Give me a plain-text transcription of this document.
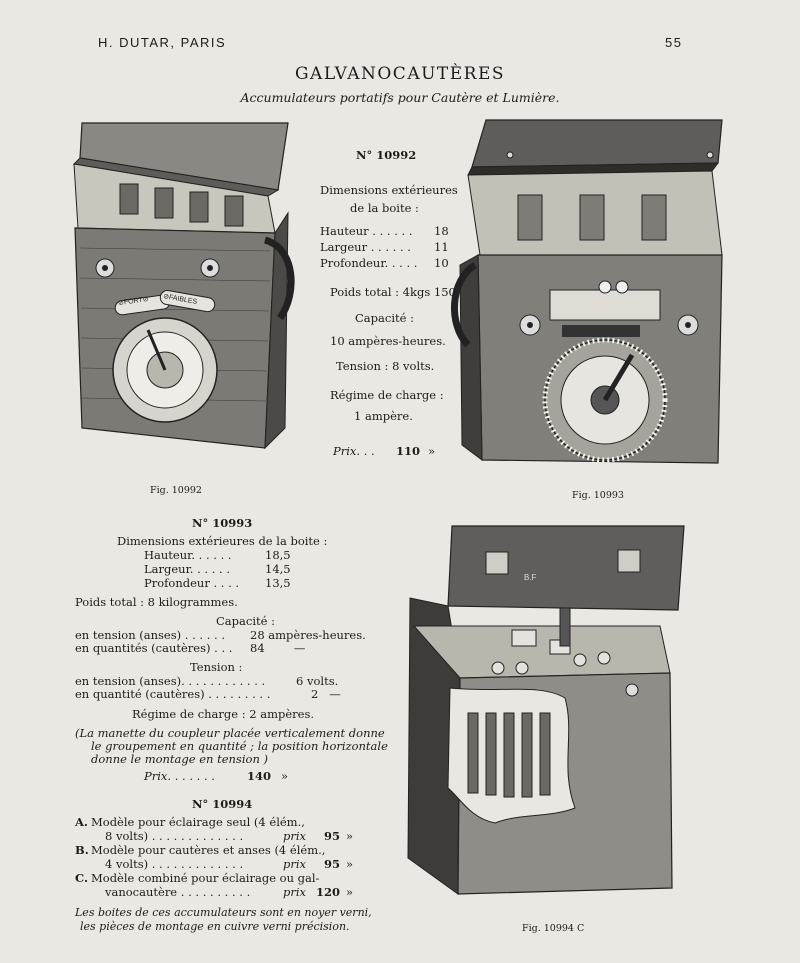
H. DUTAR, PARIS	55
GALVANOCAUTÈRES
Accumulateurs portatifs pour Cautère et Lumière.
⊘FORT⊘ ⊘FAIBLES
Fig. 10992	Fig. 10993
N° 10992
Dimensions extérieures
de la boite :
Hauteur . . . . . . 18
Largeur . . . . . . 11
Profondeur. . . . . 10
Poids total : 4kgs 150
Capacité :
10 ampères-heures.
Tension : 8 volts.
Régime de charge :
1 ampère.
Prix. . . 110 »
N° 10993
Dimensions extérieures de la boite :
Hauteur. . . . . .	18,5
Largeur. . . . . .	14,5
Profondeur . . . . 13,5
Poids total : 8 kilogrammes.
Capacité :
en tension (anses) . . . . . . 28 ampères-heures.
en quantités (cautères) . . . 84        —
Tension :
en tension (anses). . . . . . . . . . . .	6 volts.
en quantité (cautères) . . . . . . . . .	2   —
Régime de charge : 2 ampères.
(La manette du coupleur placée verticalement donne
le groupement en quantité ; la position horizontale
donne le montage en tension )
Prix. . . . . . .	140 »
N° 10994
A. Modèle pour éclairage seul (4 élém.,
8 volts) . . . . . . . . . . . . .	prix 95 »
B. Modèle pour cautères et anses (4 élém.,
4 volts) . . . . . . . . . . . . .	prix 95 »
C. Modèle combiné pour éclairage ou gal-
vanocautère . . . . . . . . . .	prix 120 »
Les boites de ces accumulateurs sont en noyer verni,
les pièces de montage en cuivre verni précision.
B.F
Fig. 10994 C
